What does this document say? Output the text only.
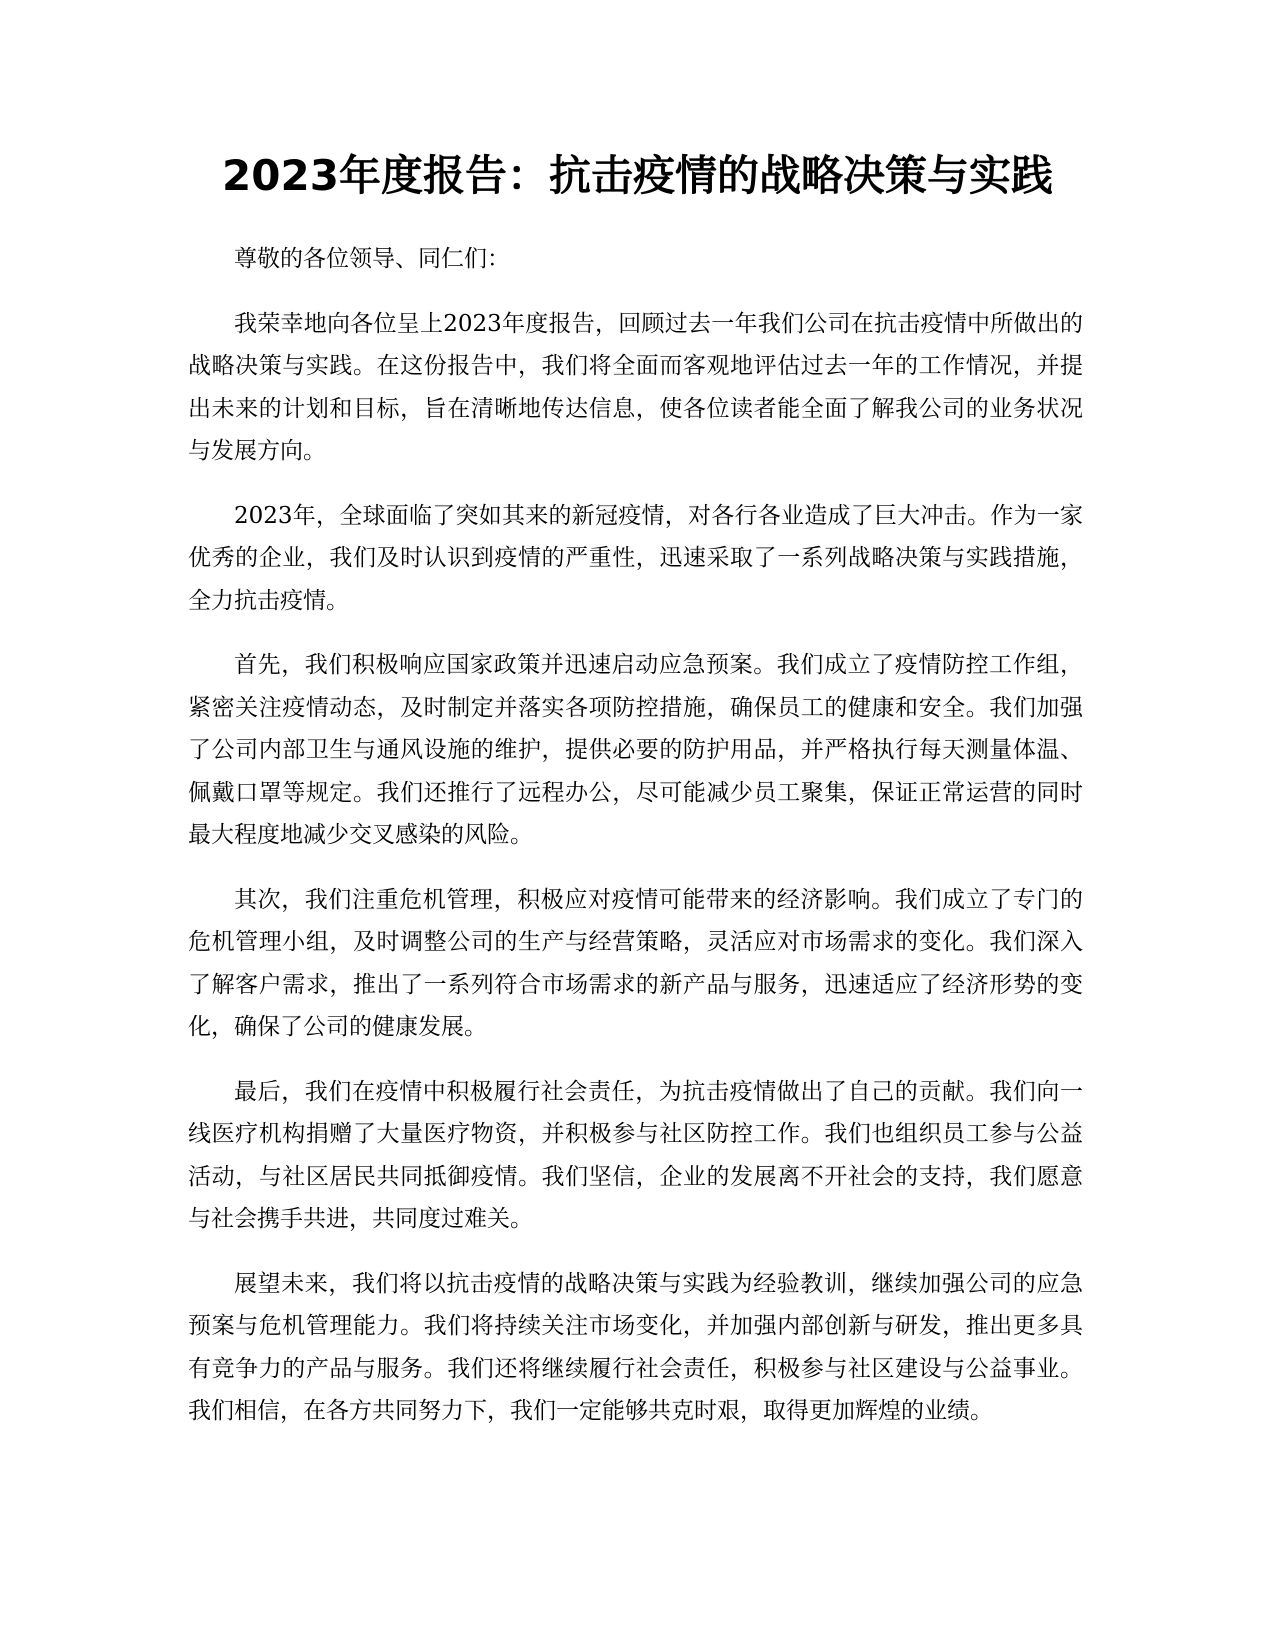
2023年度报告：抗击疫情的战略决策与实践

尊敬的各位领导、同仁们：

我荣幸地向各位呈上2023年度报告，回顾过去一年我们公司在抗击疫情中所做出的战略决策与实践。在这份报告中，我们将全面而客观地评估过去一年的工作情况，并提出未来的计划和目标，旨在清晰地传达信息，使各位读者能全面了解我公司的业务状况与发展方向。

2023年，全球面临了突如其来的新冠疫情，对各行各业造成了巨大冲击。作为一家优秀的企业，我们及时认识到疫情的严重性，迅速采取了一系列战略决策与实践措施，全力抗击疫情。

首先，我们积极响应国家政策并迅速启动应急预案。我们成立了疫情防控工作组，紧密关注疫情动态，及时制定并落实各项防控措施，确保员工的健康和安全。我们加强了公司内部卫生与通风设施的维护，提供必要的防护用品，并严格执行每天测量体温、佩戴口罩等规定。我们还推行了远程办公，尽可能减少员工聚集，保证正常运营的同时最大程度地减少交叉感染的风险。

其次，我们注重危机管理，积极应对疫情可能带来的经济影响。我们成立了专门的危机管理小组，及时调整公司的生产与经营策略，灵活应对市场需求的变化。我们深入了解客户需求，推出了一系列符合市场需求的新产品与服务，迅速适应了经济形势的变化，确保了公司的健康发展。

最后，我们在疫情中积极履行社会责任，为抗击疫情做出了自己的贡献。我们向一线医疗机构捐赠了大量医疗物资，并积极参与社区防控工作。我们也组织员工参与公益活动，与社区居民共同抵御疫情。我们坚信，企业的发展离不开社会的支持，我们愿意与社会携手共进，共同度过难关。

展望未来，我们将以抗击疫情的战略决策与实践为经验教训，继续加强公司的应急预案与危机管理能力。我们将持续关注市场变化，并加强内部创新与研发，推出更多具有竞争力的产品与服务。我们还将继续履行社会责任，积极参与社区建设与公益事业。我们相信，在各方共同努力下，我们一定能够共克时艰，取得更加辉煌的业绩。
